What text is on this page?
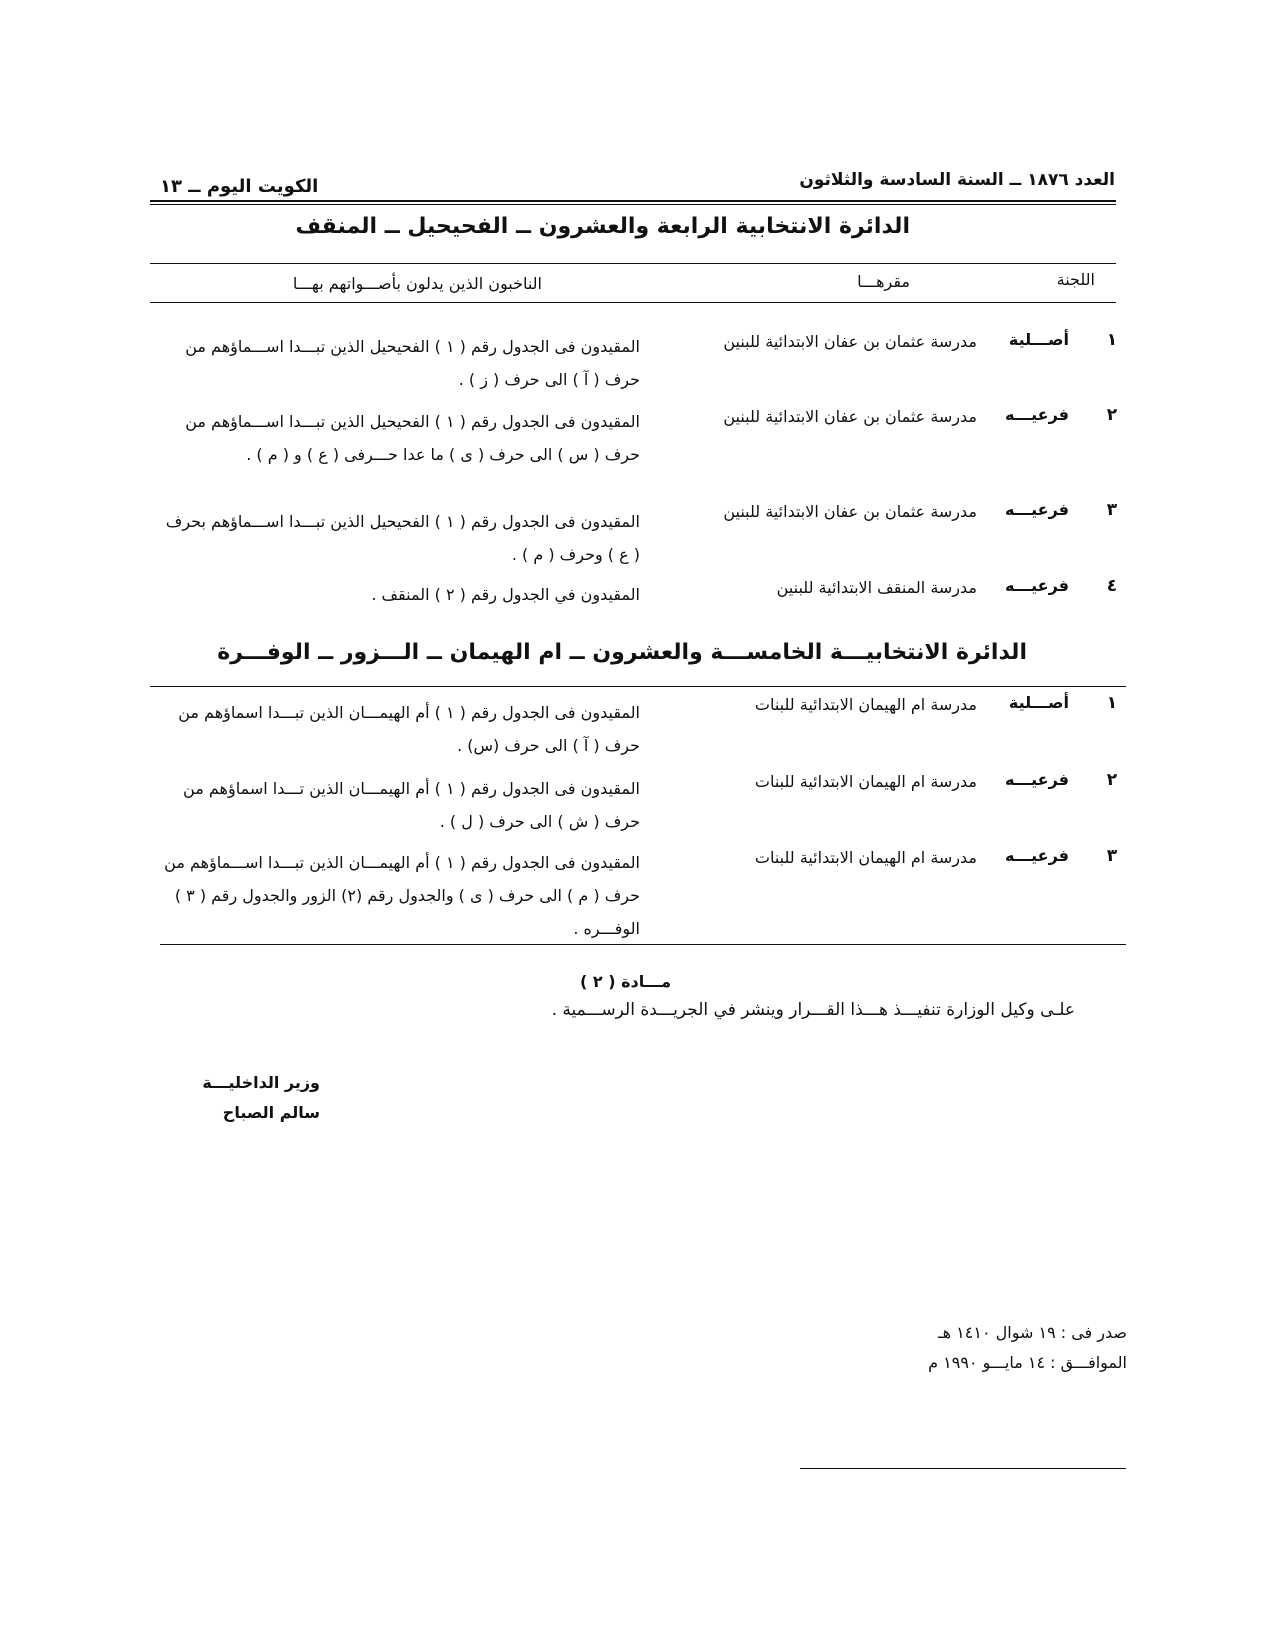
العدد ١٨٧٦ ــ السنة السادسة والثلاثون
الكويت اليوم ــ ١٣
الدائرة الانتخابية الرابعة والعشرون ــ الفحيحيل ــ المنقف
اللجنة
مقرهـــا
الناخبون الذين يدلون بأصـــواتهم بهـــا
١
أصـــلية
مدرسة عثمان بن عفان الابتدائية للبنين
المقيدون فى الجدول رقم ( ١ ) الفحيحيل الذين تبـــدا اســـماؤهم من حرف ( آ ) الى حرف ( ز ) .
٢
فرعيـــه
مدرسة عثمان بن عفان الابتدائية للبنين
المقيدون فى الجدول رقم ( ١ ) الفحيحيل الذين تبـــدا اســـماؤهم من حرف ( س ) الى حرف ( ى ) ما عدا حـــرفى ( ع ) و ( م ) .
٣
فرعيـــه
مدرسة عثمان بن عفان الابتدائية للبنين
المقيدون فى الجدول رقم ( ١ ) الفحيحيل الذين تبـــدا اســـماؤهم بحرف ( ع ) وحرف ( م ) .
٤
فرعيـــه
مدرسة المنقف الابتدائية للبنين
المقيدون في الجدول رقم ( ٢ ) المنقف .
الدائرة الانتخابيـــة الخامســـة والعشرون ــ ام الهيمان ــ الـــزور ــ الوفـــرة
١
أصـــلية
مدرسة ام الهيمان الابتدائية للبنات
المقيدون فى الجدول رقم ( ١ ) أم الهيمـــان الذين تبـــدا اسماؤهم من حرف ( آ ) الى حرف (س) .
٢
فرعيـــه
مدرسة ام الهيمان الابتدائية للبنات
المقيدون فى الجدول رقم ( ١ ) أم الهيمـــان الذين تـــدا اسماؤهم من حرف ( ش ) الى حرف ( ل ) .
٣
فرعيـــه
مدرسة ام الهيمان الابتدائية للبنات
المقيدون فى الجدول رقم ( ١ ) أم الهيمـــان الذين تبـــدا اســـماؤهم من حرف ( م ) الى حرف ( ى ) والجدول رقم (٢) الزور والجدول رقم ( ٣ ) الوفـــره .
مـــادة ( ٢ )
علـى وكيل الوزارة تنفيـــذ هـــذا القـــرار وينشر في الجريـــدة الرســـمية .
وزير الداخليـــة
سالم الصباح
صدر فى : ١٩ شوال ١٤١٠ هـ
الموافـــق : ١٤ مايـــو ١٩٩٠ م
